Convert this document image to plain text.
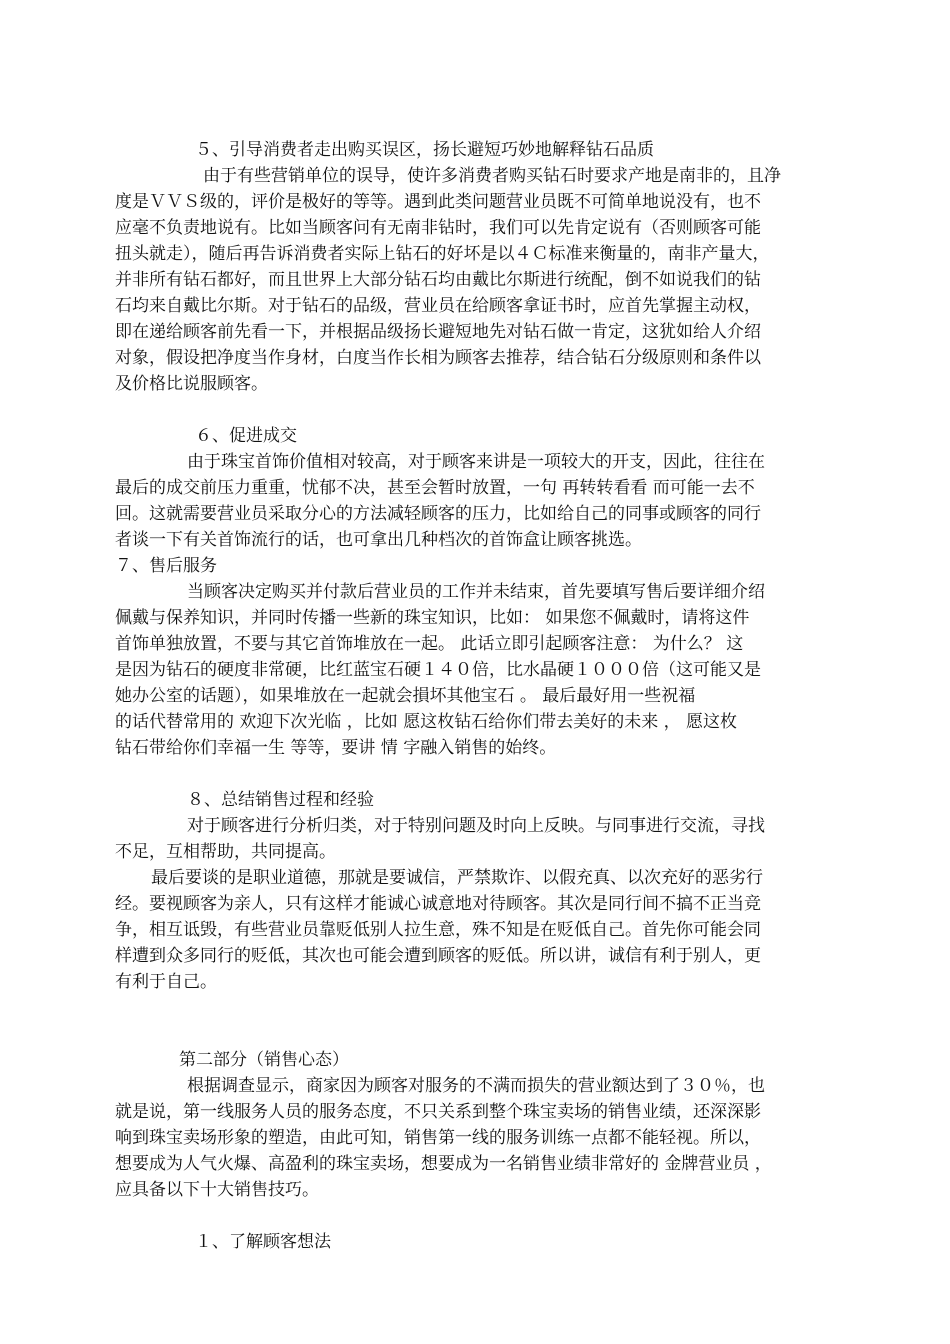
５、引导消费者走出购买误区，扬长避短巧妙地解释钻石品质
由于有些营销单位的误导，使许多消费者购买钻石时要求产地是南非的，且净
度是ＶＶＳ级的，评价是极好的等等。遇到此类问题营业员既不可简单地说没有，也不
应毫不负责地说有。比如当顾客问有无南非钻时，我们可以先肯定说有（否则顾客可能
扭头就走），随后再告诉消费者实际上钻石的好坏是以４Ｃ标准来衡量的，南非产量大，
并非所有钻石都好，而且世界上大部分钻石均由戴比尔斯进行统配，倒不如说我们的钻
石均来自戴比尔斯。对于钻石的品级，营业员在给顾客拿证书时，应首先掌握主动权，
即在递给顾客前先看一下，并根据品级扬长避短地先对钻石做一肯定，这犹如给人介绍
对象，假设把净度当作身材，白度当作长相为顾客去推荐，结合钻石分级原则和条件以
及价格比说服顾客。
６、促进成交
由于珠宝首饰价值相对较高，对于顾客来讲是一项较大的开支，因此，往往在
最后的成交前压力重重，忧郁不决，甚至会暂时放置，一句 再转转看看 而可能一去不
回。这就需要营业员采取分心的方法减轻顾客的压力，比如给自己的同事或顾客的同行
者谈一下有关首饰流行的话，也可拿出几种档次的首饰盒让顾客挑选。
７、售后服务
当顾客决定购买并付款后营业员的工作并未结束，首先要填写售后要详细介绍
佩戴与保养知识，并同时传播一些新的珠宝知识，比如： 如果您不佩戴时，请将这件
首饰单独放置，不要与其它首饰堆放在一起。 此话立即引起顾客注意： 为什么？ 这
是因为钻石的硬度非常硬，比红蓝宝石硬１４０倍，比水晶硬１０００倍（这可能又是
她办公室的话题），如果堆放在一起就会損坏其他宝石 。 最后最好用一些祝福
的话代替常用的 欢迎下次光临 ，比如 愿这枚钻石给你们带去美好的未来 ， 愿这枚
钻石带给你们幸福一生 等等，要讲 情 字融入销售的始终。
８、总结销售过程和经验
对于顾客进行分析归类，对于特别问题及时向上反映。与同事进行交流，寻找
不足，互相帮助，共同提高。
最后要谈的是职业道德，那就是要诚信，严禁欺诈、以假充真、以次充好的恶劣行
经。要视顾客为亲人，只有这样才能诚心诚意地对待顾客。其次是同行间不搞不正当竞
争，相互诋毁，有些营业员靠贬低别人拉生意，殊不知是在贬低自己。首先你可能会同
样遭到众多同行的贬低，其次也可能会遭到顾客的贬低。所以讲，诚信有利于别人，更
有利于自己。
第二部分（销售心态）
根据调查显示，商家因为顾客对服务的不满而损失的营业额达到了３０％，也
就是说，第一线服务人员的服务态度，不只关系到整个珠宝卖场的销售业绩，还深深影
响到珠宝卖场形象的塑造，由此可知，销售第一线的服务训练一点都不能轻视。所以，
想要成为人气火爆、高盈利的珠宝卖场，想要成为一名销售业绩非常好的 金牌营业员 ，
应具备以下十大销售技巧。
１、了解顾客想法
